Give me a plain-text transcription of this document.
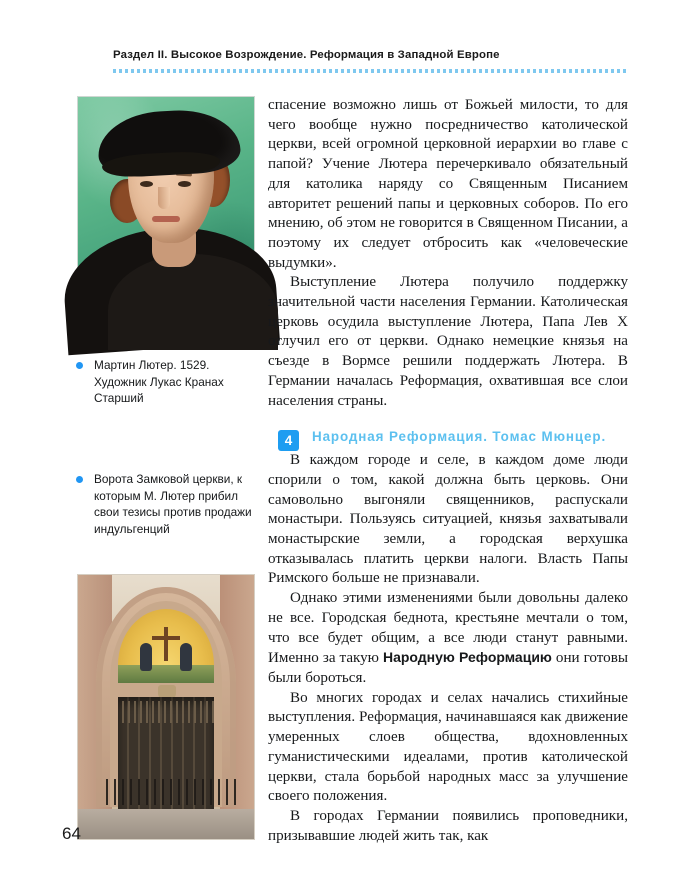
Раздел II. Высокое Возрождение. Реформация в Западной Европе
Мартин Лютер. 1529. Художник Лукас Кранах Старший
Ворота Замковой церкви, к которым М. Лютер прибил свои тезисы против продажи индульгенций

спасение возможно лишь от Божьей милости, то для чего вообще нужно посредничество католической церкви, всей огромной церковной иерархии во главе с папой? Учение Лютера перечеркивало обязательный для католика наряду со Священным Писанием авторитет решений папы и церковных соборов. По его мнению, об этом не говорится в Священном Писании, а поэтому их следует отбросить как «человеческие выдумки».

Выступление Лютера получило поддержку значительной части населения Германии. Католическая церковь осудила выступление Лютера, Папа Лев X отлучил его от церкви. Однако немецкие князья на съезде в Вормсе решили поддержать Лютера. В Германии началась Реформация, охватившая все слои населения страны.

4	Народная Реформация. Томас Мюнцер.

В каждом городе и селе, в каждом доме люди спорили о том, какой должна быть церковь. Они самовольно выгоняли священников, распускали монастыри. Пользуясь ситуацией, князья захватывали монастырские земли, а городская верхушка отказывалась платить церкви налоги. Власть Папы Римского больше не признавали.

Однако этими изменениями были довольны далеко не все. Городская беднота, крестьяне мечтали о том, что все будет общим, а все люди станут равными. Именно за такую Народную Реформацию они готовы были бороться.

Во многих городах и селах начались стихийные выступления. Реформация, начинавшаяся как движение умеренных слоев общества, вдохновленных гуманистическими идеалами, против католической церкви, стала борьбой народных масс за улучшение своего положения.

В городах Германии появились проповедники, призывавшие людей жить так, как

64
